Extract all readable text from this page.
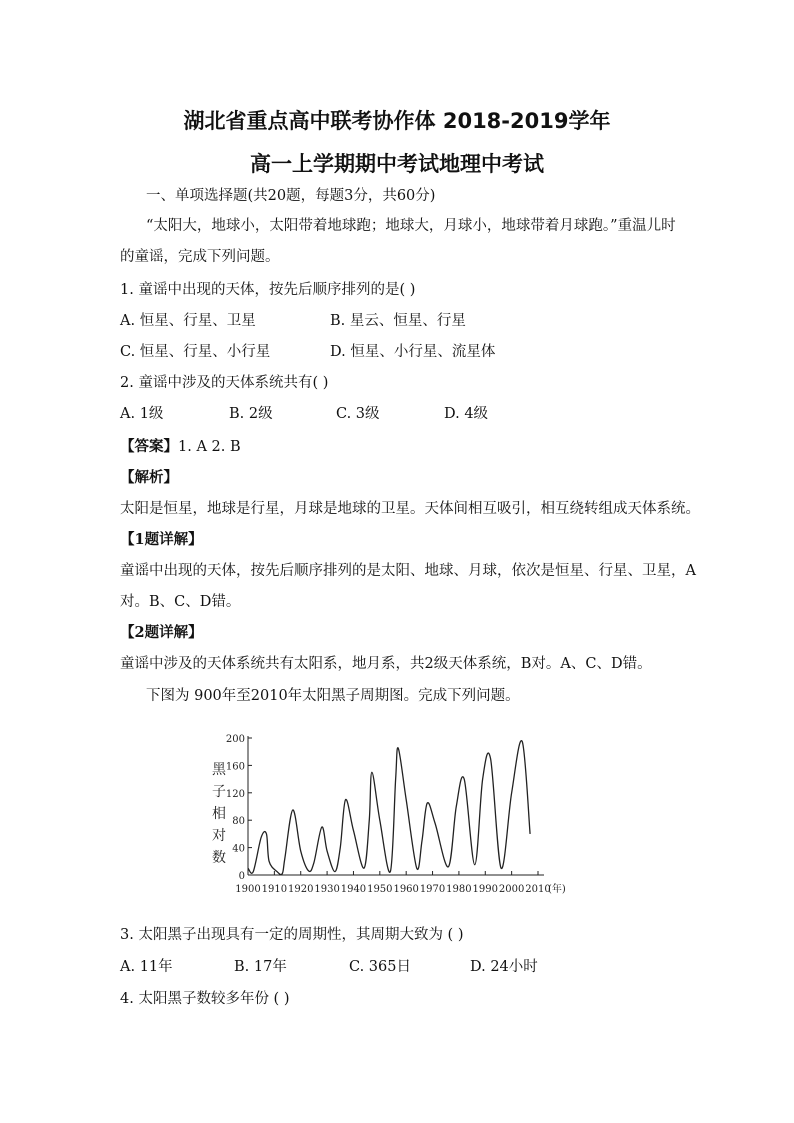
湖北省重点高中联考协作体 2018-2019学年
高一上学期期中考试地理中考试
一、单项选择题(共20题，每题3分，共60分)
“太阳大，地球小，太阳带着地球跑；地球大，月球小，地球带着月球跑。”重温儿时
的童谣，完成下列问题。
1. 童谣中出现的天体，按先后顺序排列的是( )
A. 恒星、行星、卫星	B. 星云、恒星、行星
C. 恒星、行星、小行星	D. 恒星、小行星、流星体
2. 童谣中涉及的天体系统共有( )
A. 1级	B. 2级	C. 3级	D. 4级
【答案】1. A 2. B
【解析】
太阳是恒星，地球是行星，月球是地球的卫星。天体间相互吸引，相互绕转组成天体系统。
【1题详解】
童谣中出现的天体，按先后顺序排列的是太阳、地球、月球，依次是恒星、行星、卫星，A
对。B、C、D错。
【2题详解】
童谣中涉及的天体系统共有太阳系，地月系，共2级天体系统，B对。A、C、D错。
下图为 900年至2010年太阳黑子周期图。完成下列问题。
0
40
80
120
160
200
1900 1910 1920 1930 1940 1950 1960 1970 1980 1990 2000 2010
(年)
黑
子
相
对
数
3. 太阳黑子出现具有一定的周期性，其周期大致为 ( )
A. 11年	B. 17年	C. 365日	D. 24小时
4. 太阳黑子数较多年份 ( )
